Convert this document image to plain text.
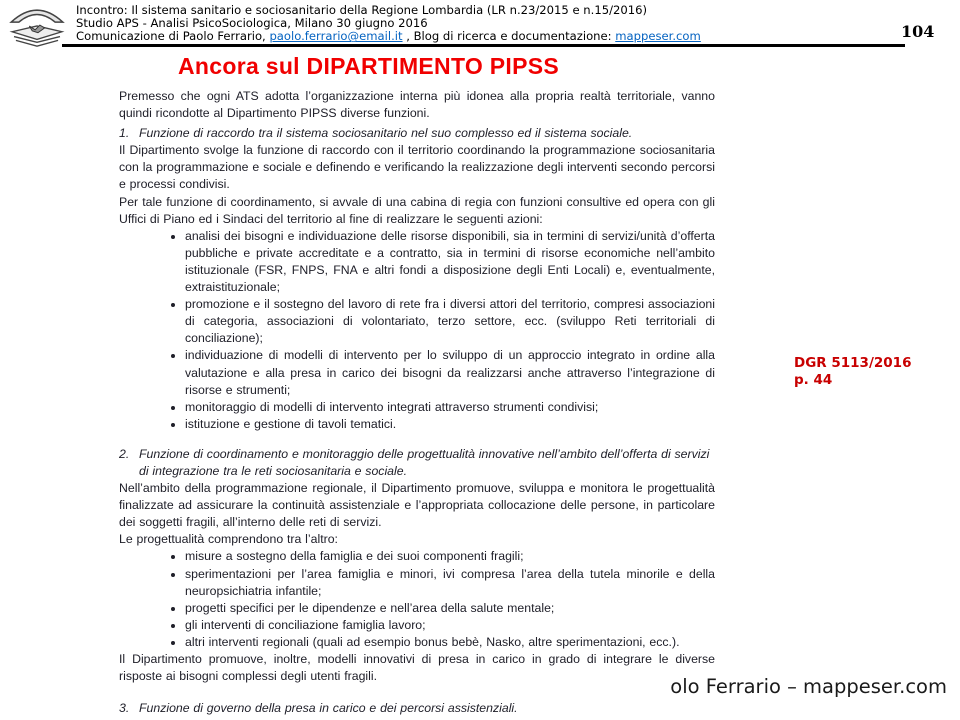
Incontro: Il sistema sanitario e sociosanitario della Regione Lombardia (LR n.23/2015 e n.15/2016)
Studio APS - Analisi PsicoSociologica, Milano 30 giugno 2016
Comunicazione di Paolo Ferrario, paolo.ferrario@email.it , Blog di ricerca e documentazione: mappeser.com	104
Ancora sul DIPARTIMENTO PIPSS

Premesso che ogni ATS adotta l’organizzazione interna più idonea alla propria realtà territoriale, vanno quindi ricondotte al Dipartimento PIPSS diverse funzioni.

1. Funzione di raccordo tra il sistema sociosanitario nel suo complesso ed il sistema sociale.

Il Dipartimento svolge la funzione di raccordo con il territorio coordinando la programmazione sociosanitaria con la programmazione e sociale e definendo e verificando la realizzazione degli interventi secondo percorsi e processi condivisi.

Per tale funzione di coordinamento, si avvale di una cabina di regia con funzioni consultive ed opera con gli Uffici di Piano ed i Sindaci del territorio al fine di realizzare le seguenti azioni:

• analisi dei bisogni e individuazione delle risorse disponibili, sia in termini di servizi/unità d’offerta pubbliche e private accreditate e a contratto, sia in termini di risorse economiche nell’ambito istituzionale (FSR, FNPS, FNA e altri fondi a disposizione degli Enti Locali) e, eventualmente, extraistituzionale;
• promozione e il sostegno del lavoro di rete fra i diversi attori del territorio, compresi associazioni di categoria, associazioni di volontariato, terzo settore, ecc. (sviluppo Reti territoriali di conciliazione);
• individuazione di modelli di intervento per lo sviluppo di un approccio integrato in ordine alla valutazione e alla presa in carico dei bisogni da realizzarsi anche attraverso l’integrazione di risorse e strumenti;
• monitoraggio di modelli di intervento integrati attraverso strumenti condivisi;
• istituzione e gestione di tavoli tematici.
2. Funzione di coordinamento e monitoraggio delle progettualità innovative nell’ambito dell’offerta di servizi di integrazione tra le reti sociosanitaria e sociale.

Nell’ambito della programmazione regionale, il Dipartimento promuove, sviluppa e monitora le progettualità finalizzate ad assicurare la continuità assistenziale e l’appropriata collocazione delle persone, in particolare dei soggetti fragili, all’interno delle reti di servizi.

Le progettualità comprendono tra l’altro:

• misure a sostegno della famiglia e dei suoi componenti fragili;
• sperimentazioni per l’area famiglia e minori, ivi compresa l’area della tutela minorile e della neuropsichiatria infantile;
• progetti specifici per le dipendenze e nell’area della salute mentale;
• gli interventi di conciliazione famiglia lavoro;
• altri interventi regionali (quali ad esempio bonus bebè, Nasko, altre sperimentazioni, ecc.).

Il Dipartimento promuove, inoltre, modelli innovativi di presa in carico in grado di integrare le diverse risposte ai bisogni complessi degli utenti fragili.

3. Funzione di governo della presa in carico e dei percorsi assistenziali.
DGR 5113/2016
p. 44
olo Ferrario – mappeser.com
